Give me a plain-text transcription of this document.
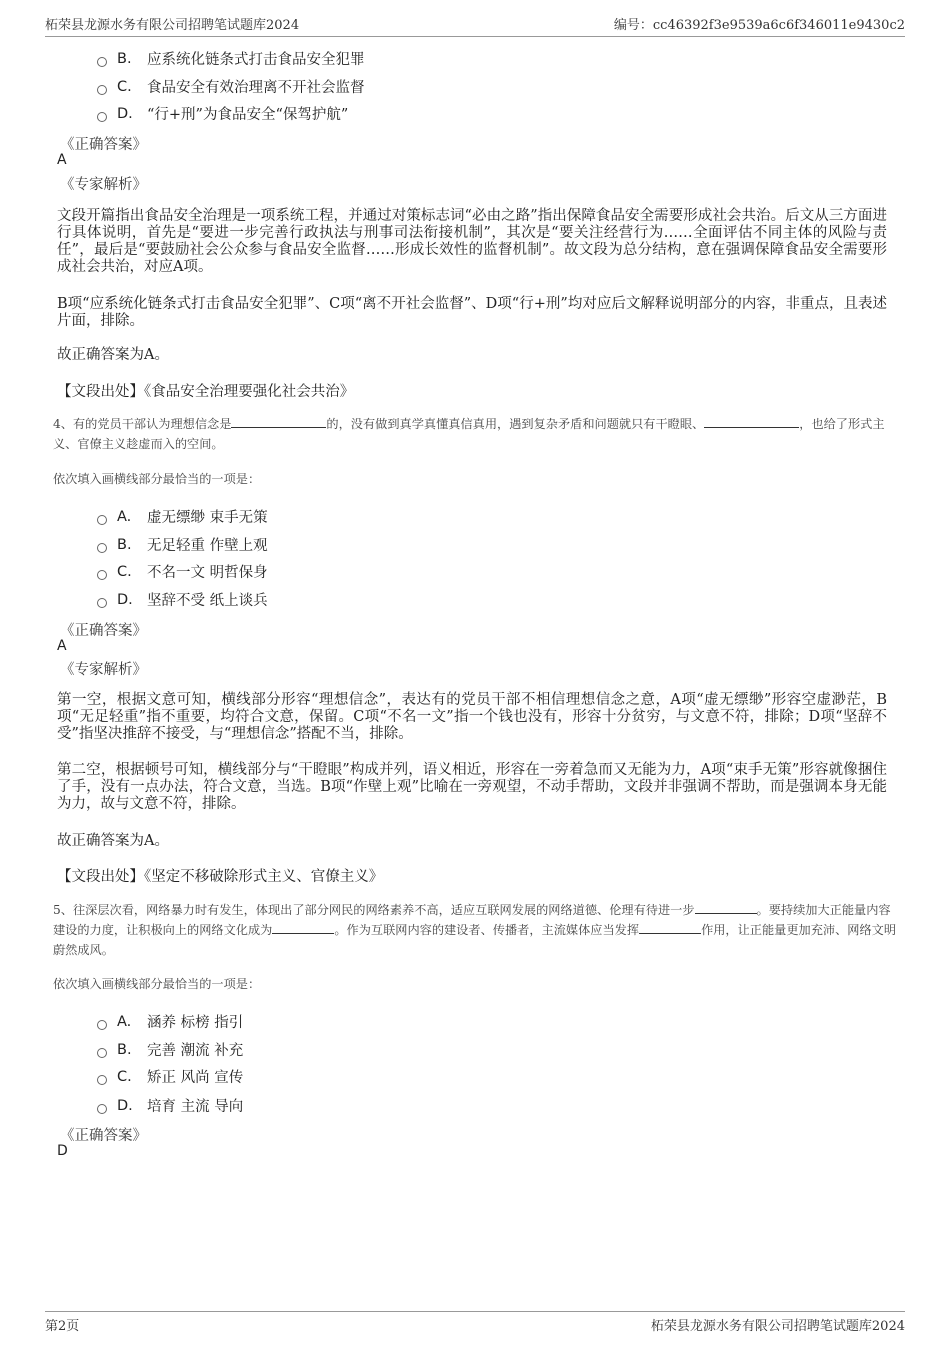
柘荣县龙源水务有限公司招聘笔试题库2024	编号：cc46392f3e9539a6c6f346011e9430c2
B.	应系统化链条式打击食品安全犯罪
C.	食品安全有效治理离不开社会监督
D. “行+刑”为食品安全“保驾护航”
《正确答案》
A
《专家解析》
文段开篇指出食品安全治理是一项系统工程，并通过对策标志词“必由之路”指出保障食品安全需要形成社会共治。后文从三方面进行具体说明，首先是“要进一步完善行政执法与刑事司法衔接机制”，其次是“要关注经营行为……全面评估不同主体的风险与责任”，最后是“要鼓励社会公众参与食品安全监督……形成长效性的监督机制”。故文段为总分结构，意在强调保障食品安全需要形成社会共治，对应A项。
B项“应系统化链条式打击食品安全犯罪”、C项“离不开社会监督”、D项“行+刑”均对应后文解释说明部分的内容，非重点，且表述片面，排除。
故正确答案为A。
【文段出处】《食品安全治理要强化社会共治》
4、有的党员干部认为理想信念是	的，没有做到真学真懂真信真用，遇到复杂矛盾和问题就只有干瞪眼、	，也给了形式主义、官僚主义趁虚而入的空间。
依次填入画横线部分最恰当的一项是：
A.	虚无缥缈 束手无策
B.	无足轻重 作壁上观
C.	不名一文 明哲保身
D. 坚辞不受 纸上谈兵
《正确答案》
A
《专家解析》
第一空，根据文意可知，横线部分形容“理想信念”，表达有的党员干部不相信理想信念之意，A项“虚无缥缈”形容空虚渺茫，B项“无足轻重”指不重要，均符合文意，保留。C项“不名一文”指一个钱也没有，形容十分贫穷，与文意不符，排除；D项“坚辞不受”指坚决推辞不接受，与“理想信念”搭配不当，排除。
第二空，根据顿号可知，横线部分与“干瞪眼”构成并列，语义相近，形容在一旁着急而又无能为力，A项“束手无策”形容就像捆住了手，没有一点办法，符合文意，当选。B项“作壁上观”比喻在一旁观望，不动手帮助，文段并非强调不帮助，而是强调本身无能为力，故与文意不符，排除。
故正确答案为A。
【文段出处】《坚定不移破除形式主义、官僚主义》
5、往深层次看，网络暴力时有发生，体现出了部分网民的网络素养不高，适应互联网发展的网络道德、伦理有待进一步	。要持续加大正能量内容建设的力度，让积极向上的网络文化成为	。作为互联网内容的建设者、传播者，主流媒体应当发挥	作用，让正能量更加充沛、网络文明蔚然成风。
依次填入画横线部分最恰当的一项是：
A.	涵养 标榜 指引
B.	完善 潮流 补充
C.	矫正 风尚 宣传
D. 培育 主流 导向
《正确答案》
D
第2页	柘荣县龙源水务有限公司招聘笔试题库2024
